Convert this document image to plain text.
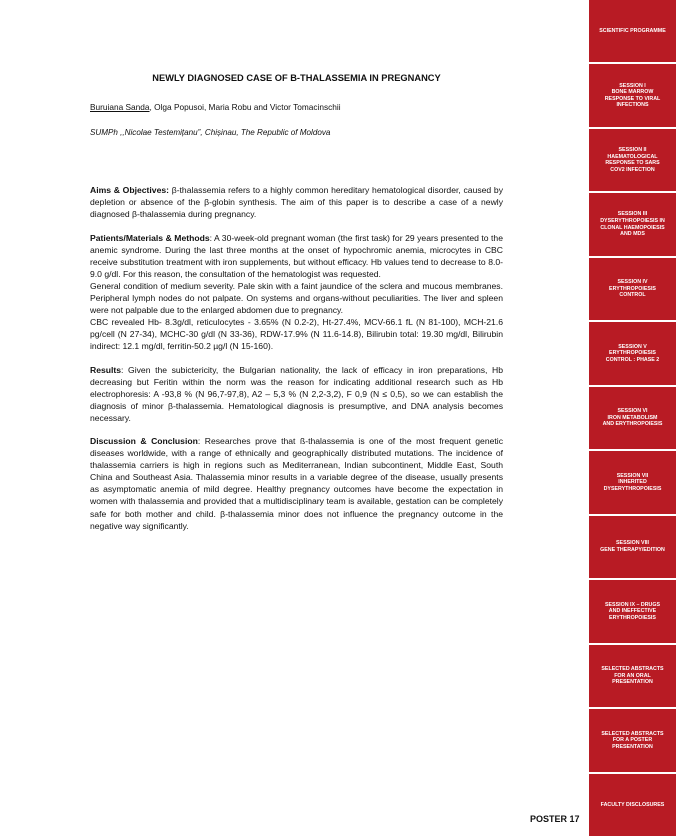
NEWLY DIAGNOSED CASE OF Β-THALASSEMIA IN PREGNANCY
Buruiana Sanda, Olga Popusoi, Maria Robu and Victor Tomacinschii
SUMPh ,,Nicolae Testemițanu”, Chișinau, The Republic of Moldova

Aims & Objectives: β-thalassemia refers to a highly common hereditary hematological disorder, caused by depletion or absence of the β-globin synthesis. The aim of this paper is to describe a case of a newly diagnosed β-thalassemia during pregnancy.

Patients/Materials & Methods: A 30-week-old pregnant woman (the first task) for 29 years presented to the anemic syndrome. During the last three months at the onset of hypochromic anemia, microcytes in CBC receive substitution treatment with iron supplements, but without efficacy. Hb values tend to decrease to 8.0-9.0 g/dl. For this reason, the consultation of the hematologist was requested.

General condition of medium severity. Pale skin with a faint jaundice of the sclera and mucous membranes. Peripheral lymph nodes do not palpate. On systems and organs-without peculiarities. The liver and spleen were not palpable due to the enlarged abdomen due to pregnancy.

CBC revealed Hb- 8.3g/dl, reticulocytes - 3.65% (N 0.2-2), Ht-27.4%, MCV-66.1 fL (N 81-100), MCH-21.6 pg/cell (N 27-34), MCHC-30 g/dl (N 33-36), RDW-17.9% (N 11.6-14.8), Bilirubin total: 19.30 mg/dl, Bilirubin indirect: 12.1 mg/dl, ferritin-50.2 µg/l (N 15-160).

Results: Given the subictericity, the Bulgarian nationality, the lack of efficacy in iron preparations, Hb decreasing but Feritin within the norm was the reason for indicating additional research such as Hb electrophoresis: A -93,8 % (N 96,7-97,8), A2 – 5,3 % (N 2,2-3,2), F 0,9 (N ≤ 0,5), so we can establish the diagnosis of minor β-thalassemia. Hematological diagnosis is presumptive, and DNA analysis becomes necessary.

Discussion & Conclusion: Researches prove that ß-thalassemia is one of the most frequent genetic diseases worldwide, with a range of ethnically and geographically distributed mutations. The incidence of thalassemia carriers is high in regions such as Mediterranean, Indian subcontinent, Middle East, South China and Southeast Asia. Thalassemia minor results in a variable degree of the disease, usually presents as asymptomatic anemia of mild degree. Healthy pregnancy outcomes have become the expectation in women with thalassemia and provided that a multidisciplinary team is available, gestation can be completely safe for both mother and child. β-thalassemia minor does not influence the pregnancy outcome in the negative way significantly.

POSTER 17
SCIENTIFIC PROGRAMME
SESSION I
BONE MARROW
RESPONSE TO VIRAL
INFECTIONS
SESSION II
HAEMATOLOGICAL
RESPONSE TO SARS
COV2 INFECTION
SESSION III
DYSERYTHROPOIESIS IN
CLONAL HAEMOPOIESIS
AND MDS
SESSION IV
ERYTHROPOIESIS
CONTROL
SESSION V
ERYTHROPOIESIS
CONTROL : PHASE 2
SESSION VI
IRON METABOLISM
AND ERYTHROPOIESIS
SESSION VII
INHERITED
DYSERYTHROPOIESIS
SESSION VIII
GENE THERAPY/EDITION
SESSION IX – DRUGS
AND INEFFECTIVE
ERYTHROPOIESIS
SELECTED ABSTRACTS
FOR AN ORAL
PRESENTATION
SELECTED ABSTRACTS
FOR A POSTER
PRESENTATION
FACULTY DISCLOSURES
